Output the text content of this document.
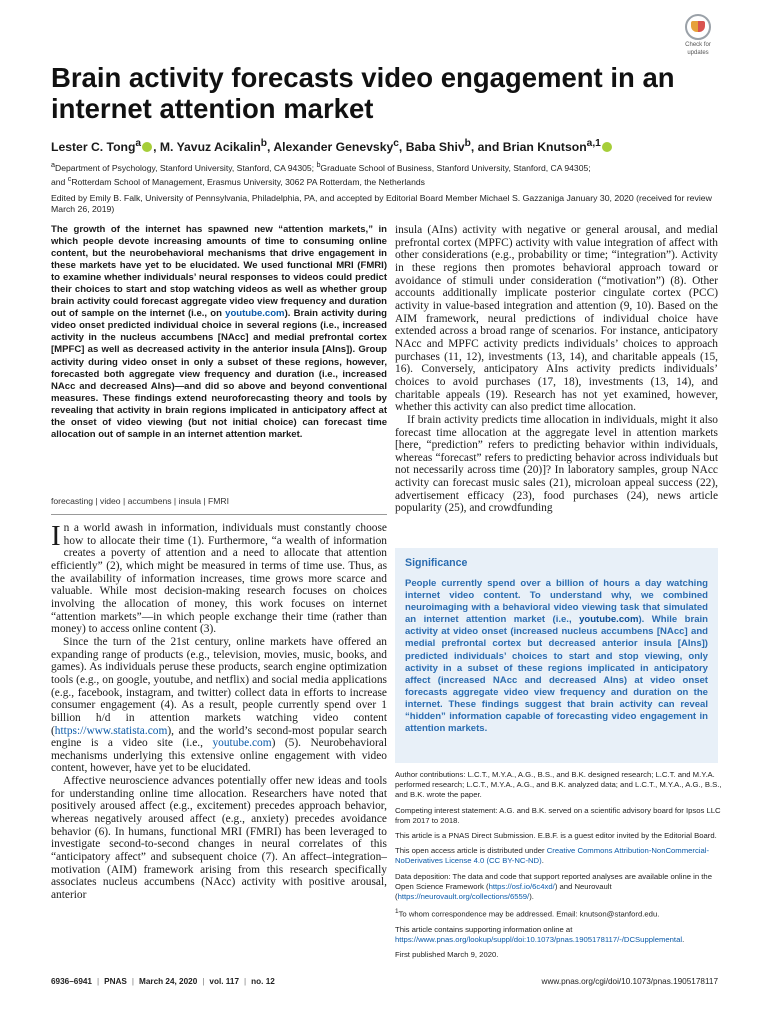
Check for
updates
Brain activity forecasts video engagement in an internet attention market
Lester C. Tong$^a$ , M. Yavuz Acikalin$^b$, Alexander Genevsky$^c$, Baba Shiv$^b$, and Brian Knutson$^{a,1}$
$^a$Department of Psychology, Stanford University, Stanford, CA 94305; $^b$Graduate School of Business, Stanford University, Stanford, CA 94305;
and $^c$Rotterdam School of Management, Erasmus University, 3062 PA Rotterdam, the Netherlands
Edited by Emily B. Falk, University of Pennsylvania, Philadelphia, PA, and accepted by Editorial Board Member Michael S. Gazzaniga January 30, 2020 (received for review March 26, 2019)
The growth of the internet has spawned new “attention markets,” in which people devote increasing amounts of time to consuming online content, but the neurobehavioral mechanisms that drive engagement in these markets have yet to be elucidated. We used functional MRI (FMRI) to examine whether individuals’ neural responses to videos could predict their choices to start and stop watching videos as well as whether group brain activity could forecast aggregate video view frequency and duration out of sample on the internet (i.e., on youtube.com). Brain activity during video onset predicted individual choice in several regions (i.e., increased activity in the nucleus accumbens [NAcc] and medial prefrontal cortex [MPFC] as well as decreased activity in the anterior insula [AIns]). Group activity during video onset in only a subset of these regions, however, forecasted both aggregate view frequency and duration (i.e., increased NAcc and decreased AIns)—and did so above and beyond conventional measures. These findings extend neuroforecasting theory and tools by revealing that activity in brain regions implicated in anticipatory affect at the onset of video viewing (but not initial choice) can forecast time allocation out of sample in an internet attention market.
forecasting | video | accumbens | insula | FMRI

In a world awash in information, individuals must constantly choose how to allocate their time (1). Furthermore, “a wealth of information creates a poverty of attention and a need to allocate that attention efficiently” (2), which might be measured in terms of time use. Thus, as the availability of information increases, time grows more scarce and valuable. While most decision-making research focuses on choices involving the allocation of money, this work focuses on internet “attention markets”—in which people exchange their time (rather than money) to access online content (3).

Since the turn of the 21st century, online markets have offered an expanding range of products (e.g., television, movies, music, books, and games). As individuals peruse these products, search engine optimization tools (e.g., on google, youtube, and netflix) and social media applications (e.g., facebook, instagram, and twitter) collect data in efforts to increase consumer engagement (4). As a result, people currently spend over 1 billion h/d in attention markets watching video content (https://www.statista.com), and the world’s second-most popular search engine is a video site (i.e., youtube.com) (5). Neurobehavioral mechanisms underlying this extensive online engagement with video content, however, have yet to be elucidated.

Affective neuroscience advances potentially offer new ideas and tools for understanding online time allocation. Researchers have noted that positively aroused affect (e.g., excitement) precedes approach behavior, whereas negatively aroused affect (e.g., anxiety) precedes avoidance behavior (6). In humans, functional MRI (FMRI) has been leveraged to investigate second-to-second changes in neural correlates of this “anticipatory affect” and subsequent choice (7). An affect–integration–motivation (AIM) framework arising from this research specifically associates nucleus accumbens (NAcc) activity with positive arousal, anterior

insula (AIns) activity with negative or general arousal, and medial prefrontal cortex (MPFC) activity with value integration of affect with other considerations (e.g., probability or time; “integration”). Activity in these regions then promotes behavioral approach toward or avoidance of stimuli under consideration (“motivation”) (8). Other accounts additionally implicate posterior cingulate cortex (PCC) activity in value-based integration and attention (9, 10). Based on the AIM framework, neural predictions of individual choice have extended across a broad range of scenarios. For instance, anticipatory NAcc and MPFC activity predicts individuals’ choices to approach purchases (11, 12), investments (13, 14), and charitable appeals (15, 16). Conversely, anticipatory AIns activity predicts individuals’ choices to avoid purchases (17, 18), investments (13, 14), and charitable appeals (19). Research has not yet examined, however, whether this activity can also predict time allocation.

If brain activity predicts time allocation in individuals, might it also forecast time allocation at the aggregate level in attention markets [here, “prediction” refers to predicting behavior within individuals, whereas “forecast” refers to predicting behavior across individuals but not necessarily across time (20)]? In laboratory samples, group NAcc activity can forecast music sales (21), microloan appeal success (22), advertisement efficacy (23), food purchases (24), news article popularity (25), and crowdfunding

Significance
People currently spend over a billion of hours a day watching internet video content. To understand why, we combined neuroimaging with a behavioral video viewing task that simulated an internet attention market (i.e., youtube.com). While brain activity at video onset (increased nucleus accumbens [NAcc] and medial prefrontal cortex but decreased anterior insula [AIns]) predicted individuals’ choices to start and stop viewing, only activity in a subset of these regions implicated in anticipatory affect (increased NAcc and decreased AIns) at video onset forecasts aggregate video view frequency and duration on the internet. These findings suggest that brain activity can reveal “hidden” information capable of forecasting video engagement in attention markets.

Author contributions: L.C.T., M.Y.A., A.G., B.S., and B.K. designed research; L.C.T. and M.Y.A. performed research; L.C.T., M.Y.A., A.G., and B.K. analyzed data; and L.C.T., M.Y.A., A.G., B.S., and B.K. wrote the paper.

Competing interest statement: A.G. and B.K. served on a scientific advisory board for Ipsos LLC from 2017 to 2018.

This article is a PNAS Direct Submission. E.B.F. is a guest editor invited by the Editorial Board.

This open access article is distributed under Creative Commons Attribution-NonCommercial-NoDerivatives License 4.0 (CC BY-NC-ND).

Data deposition: The data and code that support reported analyses are available online in the Open Science Framework (https://osf.io/6c4xd/) and Neurovault (https://neurovault.org/collections/6559/).

$^1$To whom correspondence may be addressed. Email: knutson@stanford.edu.

This article contains supporting information online at https://www.pnas.org/lookup/suppl/doi:10.1073/pnas.1905178117/-/DCSupplemental.

First published March 9, 2020.

6936–6941 | PNAS | March 24, 2020 | vol. 117 | no. 12	www.pnas.org/cgi/doi/10.1073/pnas.1905178117
